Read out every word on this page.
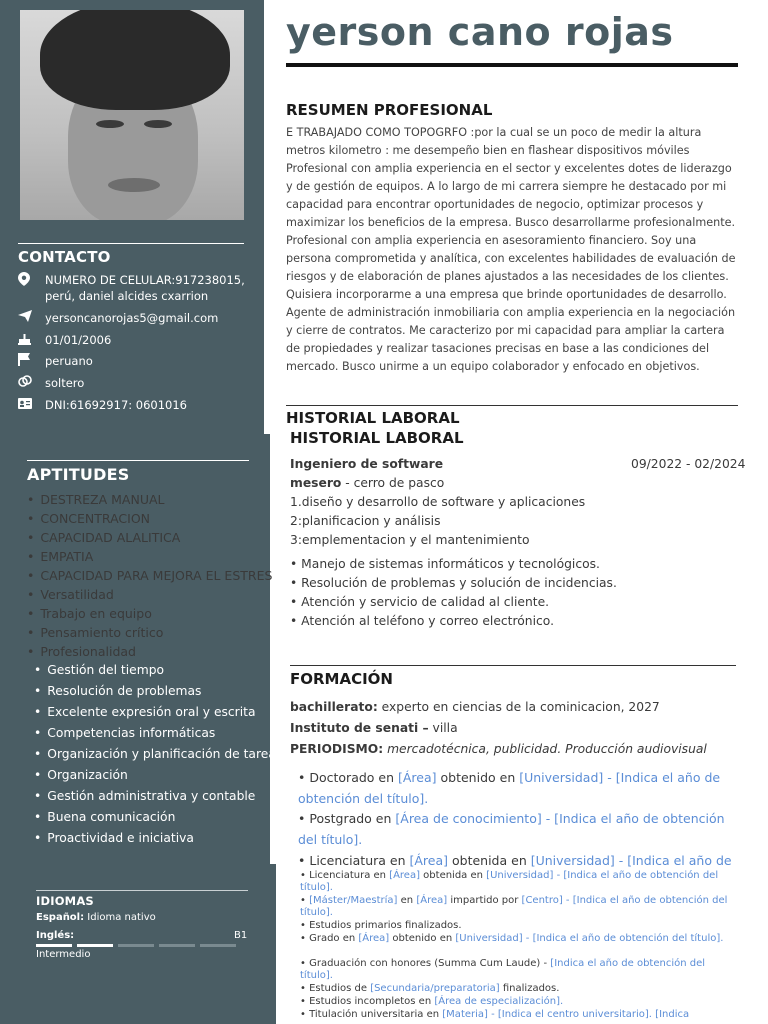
CONTACTO
NUMERO DE CELULAR:917238015,
perú, daniel alcides cxarrion
yersoncanorojas5@gmail.com
01/01/2006
peruano
soltero
DNI:61692917: 0601016
APTITUDES
• DESTREZA MANUAL
• CONCENTRACION
• CAPACIDAD ALALITICA
• EMPATIA
• CAPACIDAD PARA MEJORA EL ESTRES
• Versatilidad
• Trabajo en equipo
• Pensamiento crítico
• Profesionalidad
• Gestión del tiempo
• Resolución de problemas
• Excelente expresión oral y escrita
• Competencias informáticas
• Organización y planificación de tareas
• Organización
• Gestión administrativa y contable
• Buena comunicación
• Proactividad e iniciativa
IDIOMAS
Español: Idioma nativo
Inglés:	B1
Intermedio
yerson cano rojas
RESUMEN PROFESIONAL
E TRABAJADO COMO TOPOGRFO :por la cual se un poco de medir la altura metros kilometro : me desempeño bien en flashear dispositivos móviles Profesional con amplia experiencia en el sector y excelentes dotes de liderazgo y de gestión de equipos. A lo largo de mi carrera siempre he destacado por mi capacidad para encontrar oportunidades de negocio, optimizar procesos y maximizar los beneficios de la empresa. Busco desarrollarme profesionalmente. Profesional con amplia experiencia en asesoramiento financiero. Soy una persona comprometida y analítica, con excelentes habilidades de evaluación de riesgos y de elaboración de planes ajustados a las necesidades de los clientes. Quisiera incorporarme a una empresa que brinde oportunidades de desarrollo. Agente de administración inmobiliaria con amplia experiencia en la negociación y cierre de contratos. Me caracterizo por mi capacidad para ampliar la cartera de propiedades y realizar tasaciones precisas en base a las condiciones del mercado. Busco unirme a un equipo colaborador y enfocado en objetivos.
HISTORIAL LABORAL
HISTORIAL LABORAL
Ingeniero de software	09/2022 - 02/2024
mesero - cerro de pasco
1.diseño y desarrollo de software y aplicaciones
2:planificacion y análisis
3:emplementacion y el mantenimiento
• Manejo de sistemas informáticos y tecnológicos.
• Resolución de problemas y solución de incidencias.
• Atención y servicio de calidad al cliente.
• Atención al teléfono y correo electrónico.
FORMACIÓN
bachillerato: experto en ciencias de la cominicacion, 2027
Instituto de senati – villa
PERIODISMO: mercadotécnica, publicidad. Producción audiovisual
• Doctorado en [Área] obtenido en [Universidad] - [Indica el año de obtención del título].
• Postgrado en [Área de conocimiento] - [Indica el año de obtención del título].
• Licenciatura en [Área] obtenida en [Universidad] - [Indica el año de
• Licenciatura en [Área] obtenida en [Universidad] - [Indica el año de obtención del título].
• [Máster/Maestría] en [Área] impartido por [Centro] - [Indica el año de obtención del título].
• Estudios primarios finalizados.
• Grado en [Área] obtenido en [Universidad] - [Indica el año de obtención del título].
• Graduación con honores (Summa Cum Laude) - [Indica el año de obtención del título].
• Estudios de [Secundaria/preparatoria] finalizados.
• Estudios incompletos en [Área de especialización].
• Titulación universitaria en [Materia] - [Indica el centro universitario]. [Indica
